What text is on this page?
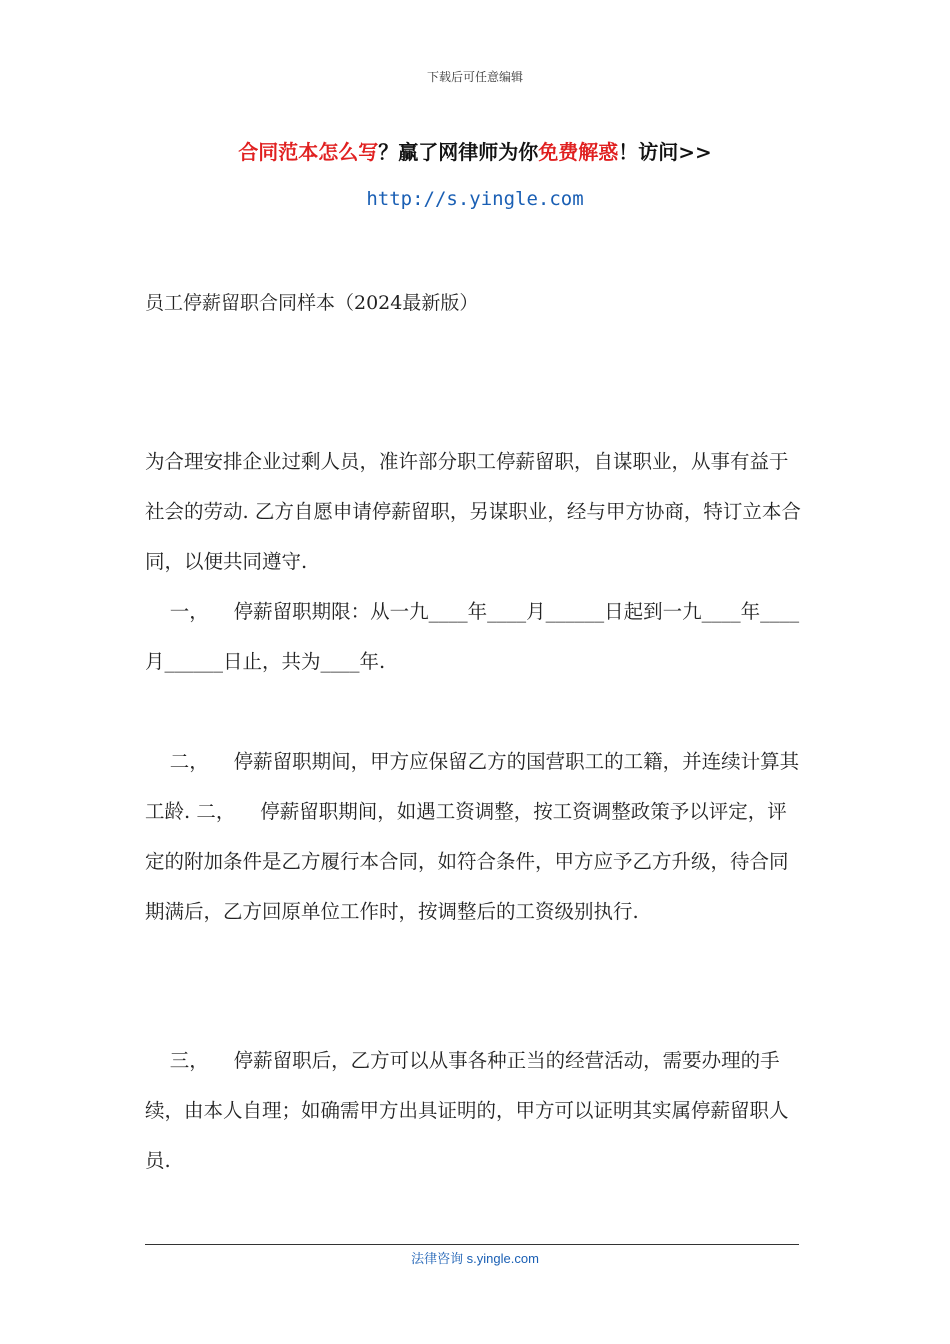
下载后可任意编辑
合同范本怎么写？赢了网律师为你免费解惑！访问>>
http://s.yingle.com
员工停薪留职合同样本（2024最新版）

为合理安排企业过剩人员，准许部分职工停薪留职，自谋职业，从事有益于社会的劳动. 乙方自愿申请停薪留职，另谋职业，经与甲方协商，特订立本合同，以便共同遵守.

一，    停薪留职期限：从一九____年____月______日起到一九____年____月______日止，共为____年.

二，    停薪留职期间，甲方应保留乙方的国营职工的工籍，并连续计算其工龄. 二，    停薪留职期间，如遇工资调整，按工资调整政策予以评定，评定的附加条件是乙方履行本合同，如符合条件，甲方应予乙方升级，待合同期满后，乙方回原单位工作时，按调整后的工资级别执行.

三，    停薪留职后，乙方可以从事各种正当的经营活动，需要办理的手续，由本人自理；如确需甲方出具证明的，甲方可以证明其实属停薪留职人员.

法律咨询 s.yingle.com
